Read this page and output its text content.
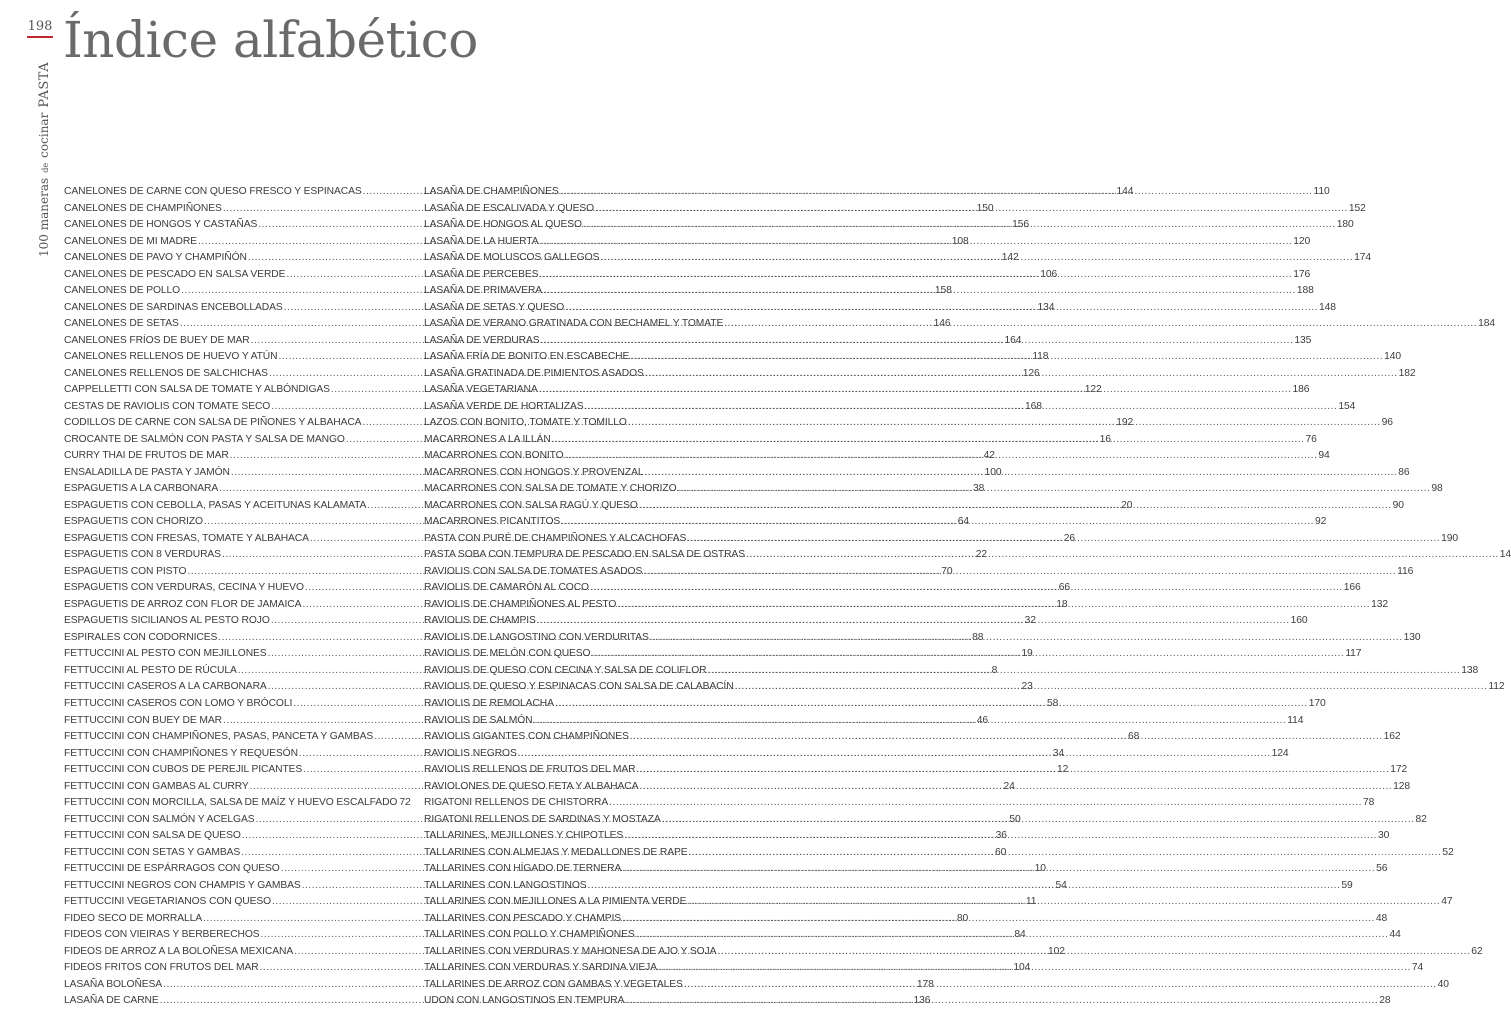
198
100 maneras de cocinar PASTA
Índice alfabético
CANELONES DE CARNE CON QUESO FRESCO Y ESPINACAS .....	144
CANELONES DE CHAMPIÑONES .....	150
CANELONES DE HONGOS Y CASTAÑAS .....	156
CANELONES DE MI MADRE .....	108
CANELONES DE PAVO Y CHAMPIÑÓN .....	142
CANELONES DE PESCADO EN SALSA VERDE .....	106
CANELONES DE POLLO .....	158
CANELONES DE SARDINAS ENCEBOLLADAS .....	134
CANELONES DE SETAS .....	146
CANELONES FRÍOS DE BUEY DE MAR .....	164
CANELONES RELLENOS DE HUEVO Y ATÚN .....	118
CANELONES RELLENOS DE SALCHICHAS .....	126
CAPPELLETTI CON SALSA DE TOMATE Y ALBÓNDIGAS .....	122
CESTAS DE RAVIOLIS CON TOMATE SECO .....	168
CODILLOS DE CARNE CON SALSA DE PIÑONES Y ALBAHACA .....	192
CROCANTE DE SALMÓN CON PASTA Y SALSA DE MANGO .....	16
CURRY THAI DE FRUTOS DE MAR .....	42
ENSALADILLA DE PASTA Y JAMÓN .....	100
ESPAGUETIS A LA CARBONARA .....	38
ESPAGUETIS CON CEBOLLA, PASAS Y ACEITUNAS KALAMATA .....	20
ESPAGUETIS CON CHORIZO .....	64
ESPAGUETIS CON FRESAS, TOMATE Y ALBAHACA .....	26
ESPAGUETIS CON 8 VERDURAS .....	22
ESPAGUETIS CON PISTO .....	70
ESPAGUETIS CON VERDURAS, CECINA Y HUEVO .....	66
ESPAGUETIS DE ARROZ CON FLOR DE JAMAICA .....	18
ESPAGUETIS SICILIANOS AL PESTO ROJO .....	32
ESPIRALES CON CODORNICES .....	88
FETTUCCINI AL PESTO CON MEJILLONES .....	19
FETTUCCINI AL PESTO DE RÚCULA .....	8
FETTUCCINI CASEROS A LA CARBONARA .....	23
FETTUCCINI CASEROS CON LOMO Y BRÓCOLI .....	58
FETTUCCINI CON BUEY DE MAR .....	46
FETTUCCINI CON CHAMPIÑONES, PASAS, PANCETA Y GAMBAS .....	68
FETTUCCINI CON CHAMPIÑONES Y REQUESÓN .....	34
FETTUCCINI CON CUBOS DE PEREJIL PICANTES .....	12
FETTUCCINI CON GAMBAS AL CURRY .....	24
FETTUCCINI CON MORCILLA, SALSA DE MAÍZ Y HUEVO ESCALFADO 72
FETTUCCINI CON SALMÓN Y ACELGAS .....	50
FETTUCCINI CON SALSA DE QUESO .....	36
FETTUCCINI CON SETAS Y GAMBAS .....	60
FETTUCCINI DE ESPÁRRAGOS CON QUESO .....	10
FETTUCCINI NEGROS CON CHAMPIS Y GAMBAS .....	54
FETTUCCINI VEGETARIANOS CON QUESO .....	11
FIDEO SECO DE MORRALLA .....	80
FIDEOS CON VIEIRAS Y BERBERECHOS .....	84
FIDEOS DE ARROZ A LA BOLOÑESA MEXICANA .....	102
FIDEOS FRITOS CON FRUTOS DEL MAR .....	104
LASAÑA BOLOÑESA .....	178
LASAÑA DE CARNE .....	136
LASAÑA DE CHAMPIÑONES .....	110
LASAÑA DE ESCALIVADA Y QUESO .....	152
LASAÑA DE HONGOS AL QUESO .....	180
LASAÑA DE LA HUERTA .....	120
LASAÑA DE MOLUSCOS GALLEGOS .....	174
LASAÑA DE PERCEBES .....	176
LASAÑA DE PRIMAVERA .....	188
LASAÑA DE SETAS Y QUESO .....	148
LASAÑA DE VERANO GRATINADA CON BECHAMEL Y TOMATE .....	184
LASAÑA DE VERDURAS .....	135
LASAÑA FRÍA DE BONITO EN ESCABECHE .....	140
LASAÑA GRATINADA DE PIMIENTOS ASADOS .....	182
LASAÑA VEGETARIANA .....	186
LASAÑA VERDE DE HORTALIZAS .....	154
LAZOS CON BONITO, TOMATE Y TOMILLO .....	96
MACARRONES A LA ILLÁN .....	76
MACARRONES CON BONITO .....	94
MACARRONES CON HONGOS Y PROVENZAL .....	86
MACARRONES CON SALSA DE TOMATE Y CHORIZO .....	98
MACARRONES CON SALSA RAGÚ Y QUESO .....	90
MACARRONES PICANTITOS .....	92
PASTA CON PURÉ DE CHAMPIÑONES Y ALCACHOFAS .....	190
PASTA SOBA CON TEMPURA DE PESCADO EN SALSA DE OSTRAS .....	14
RAVIOLIS CON SALSA DE TOMATES ASADOS .....	116
RAVIOLIS DE CAMARÓN AL COCO .....	166
RAVIOLIS DE CHAMPIÑONES AL PESTO .....	132
RAVIOLIS DE CHAMPIS .....	160
RAVIOLIS DE LANGOSTINO CON VERDURITAS .....	130
RAVIOLIS DE MELÓN CON QUESO .....	117
RAVIOLIS DE QUESO CON CECINA Y SALSA DE COLIFLOR .....	138
RAVIOLIS DE QUESO Y ESPINACAS CON SALSA DE CALABACÍN .....	112
RAVIOLIS DE REMOLACHA .....	170
RAVIOLIS DE SALMÓN .....	114
RAVIOLIS GIGANTES CON CHAMPIÑONES .....	162
RAVIOLIS NEGROS .....	124
RAVIOLIS RELLENOS DE FRUTOS DEL MAR .....	172
RAVIOLONES DE QUESO FETA Y ALBAHACA .....	128
RIGATONI RELLENOS DE CHISTORRA .....	78
RIGATONI RELLENOS DE SARDINAS Y MOSTAZA .....	82
TALLARINES, MEJILLONES Y CHIPOTLES .....	30
TALLARINES CON ALMEJAS Y MEDALLONES DE RAPE .....	52
TALLARINES CON HÍGADO DE TERNERA .....	56
TALLARINES CON LANGOSTINOS .....	59
TALLARINES CON MEJILLONES A LA PIMIENTA VERDE .....	47
TALLARINES CON PESCADO Y CHAMPIS .....	48
TALLARINES CON POLLO Y CHAMPIÑONES .....	44
TALLARINES CON VERDURAS Y MAHONESA DE AJO Y SOJA .....	62
TALLARINES CON VERDURAS Y SARDINA VIEJA .....	74
TALLARINES DE ARROZ CON GAMBAS Y VEGETALES .....	40
UDON CON LANGOSTINOS EN TEMPURA .....	28
